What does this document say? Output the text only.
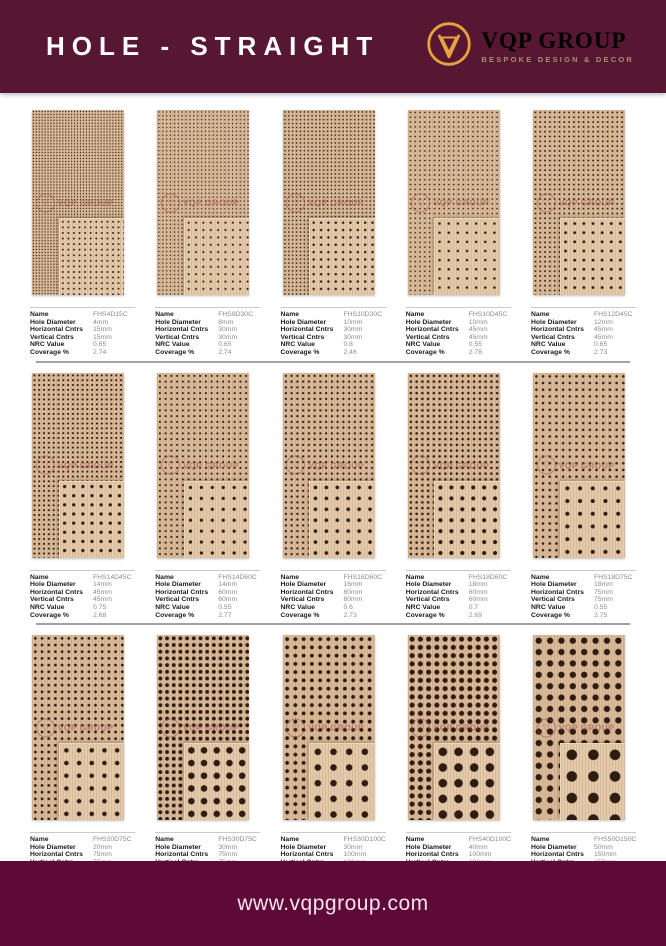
HOLE - STRAIGHT	VQP GROUP
BESPOKE DESIGN & DECOR
▽	VQP GROUP
Name	FHS4D15C
Hole Diameter	4mm
Horizontal Cntrs	15mm
Vertical Cntrs	15mm
NRC Value	0.65
Coverage %	2.74
▽	VQP GROUP
Name	FHS8D30C
Hole Diameter	8mm
Horizontal Cntrs	30mm
Vertical Cntrs	30mm
NRC Value	0.65
Coverage %	2.74
▽	VQP GROUP
Name	FHS10D30C
Hole Diameter	10mm
Horizontal Cntrs	30mm
Vertical Cntrs	30mm
NRC Value	0.8
Coverage %	2.46
▽	VQP GROUP
Name	FHS10D45C
Hole Diameter	10mm
Horizontal Cntrs	45mm
Vertical Cntrs	45mm
NRC Value	0.55
Coverage %	2.78
▽	VQP GROUP
Name	FHS12D45C
Hole Diameter	12mm
Horizontal Cntrs	45mm
Vertical Cntrs	45mm
NRC Value	0.65
Coverage %	2.73
▽	VQP GROUP
Name	FHS14D45C
Hole Diameter	14mm
Horizontal Cntrs	45mm
Vertical Cntrs	45mm
NRC Value	0.75
Coverage %	2.68
▽	VQP GROUP
Name	FHS14D60C
Hole Diameter	14mm
Horizontal Cntrs	60mm
Vertical Cntrs	60mm
NRC Value	0.55
Coverage %	2.77
▽	VQP GROUP
Name	FHS16D60C
Hole Diameter	16mm
Horizontal Cntrs	60mm
Vertical Cntrs	60mm
NRC Value	0.6
Coverage %	2.73
▽	VQP GROUP
Name	FHS18D60C
Hole Diameter	18mm
Horizontal Cntrs	60mm
Vertical Cntrs	60mm
NRC Value	0.7
Coverage %	2.69
▽	VQP GROUP
Name	FHS18D75C
Hole Diameter	18mm
Horizontal Cntrs	75mm
Vertical Cntrs	75mm
NRC Value	0.55
Coverage %	2.75
▽	VQP GROUP
Name	FHS20D75C
Hole Diameter	20mm
Horizontal Cntrs	75mm
▽	VQP GROUP
Name	FHS30D75C
Hole Diameter	30mm
Horizontal Cntrs	75mm
▽	VQP GROUP
Name	FHS30D100C
Hole Diameter	30mm
Horizontal Cntrs	100mm
▽	VQP GROUP
Name	FHS40D100C
Hole Diameter	40mm
Horizontal Cntrs	100mm
▽	VQP GROUP
Name	FHS50D150C
Hole Diameter	50mm
Horizontal Cntrs	150mm
www.vqpgroup.com
